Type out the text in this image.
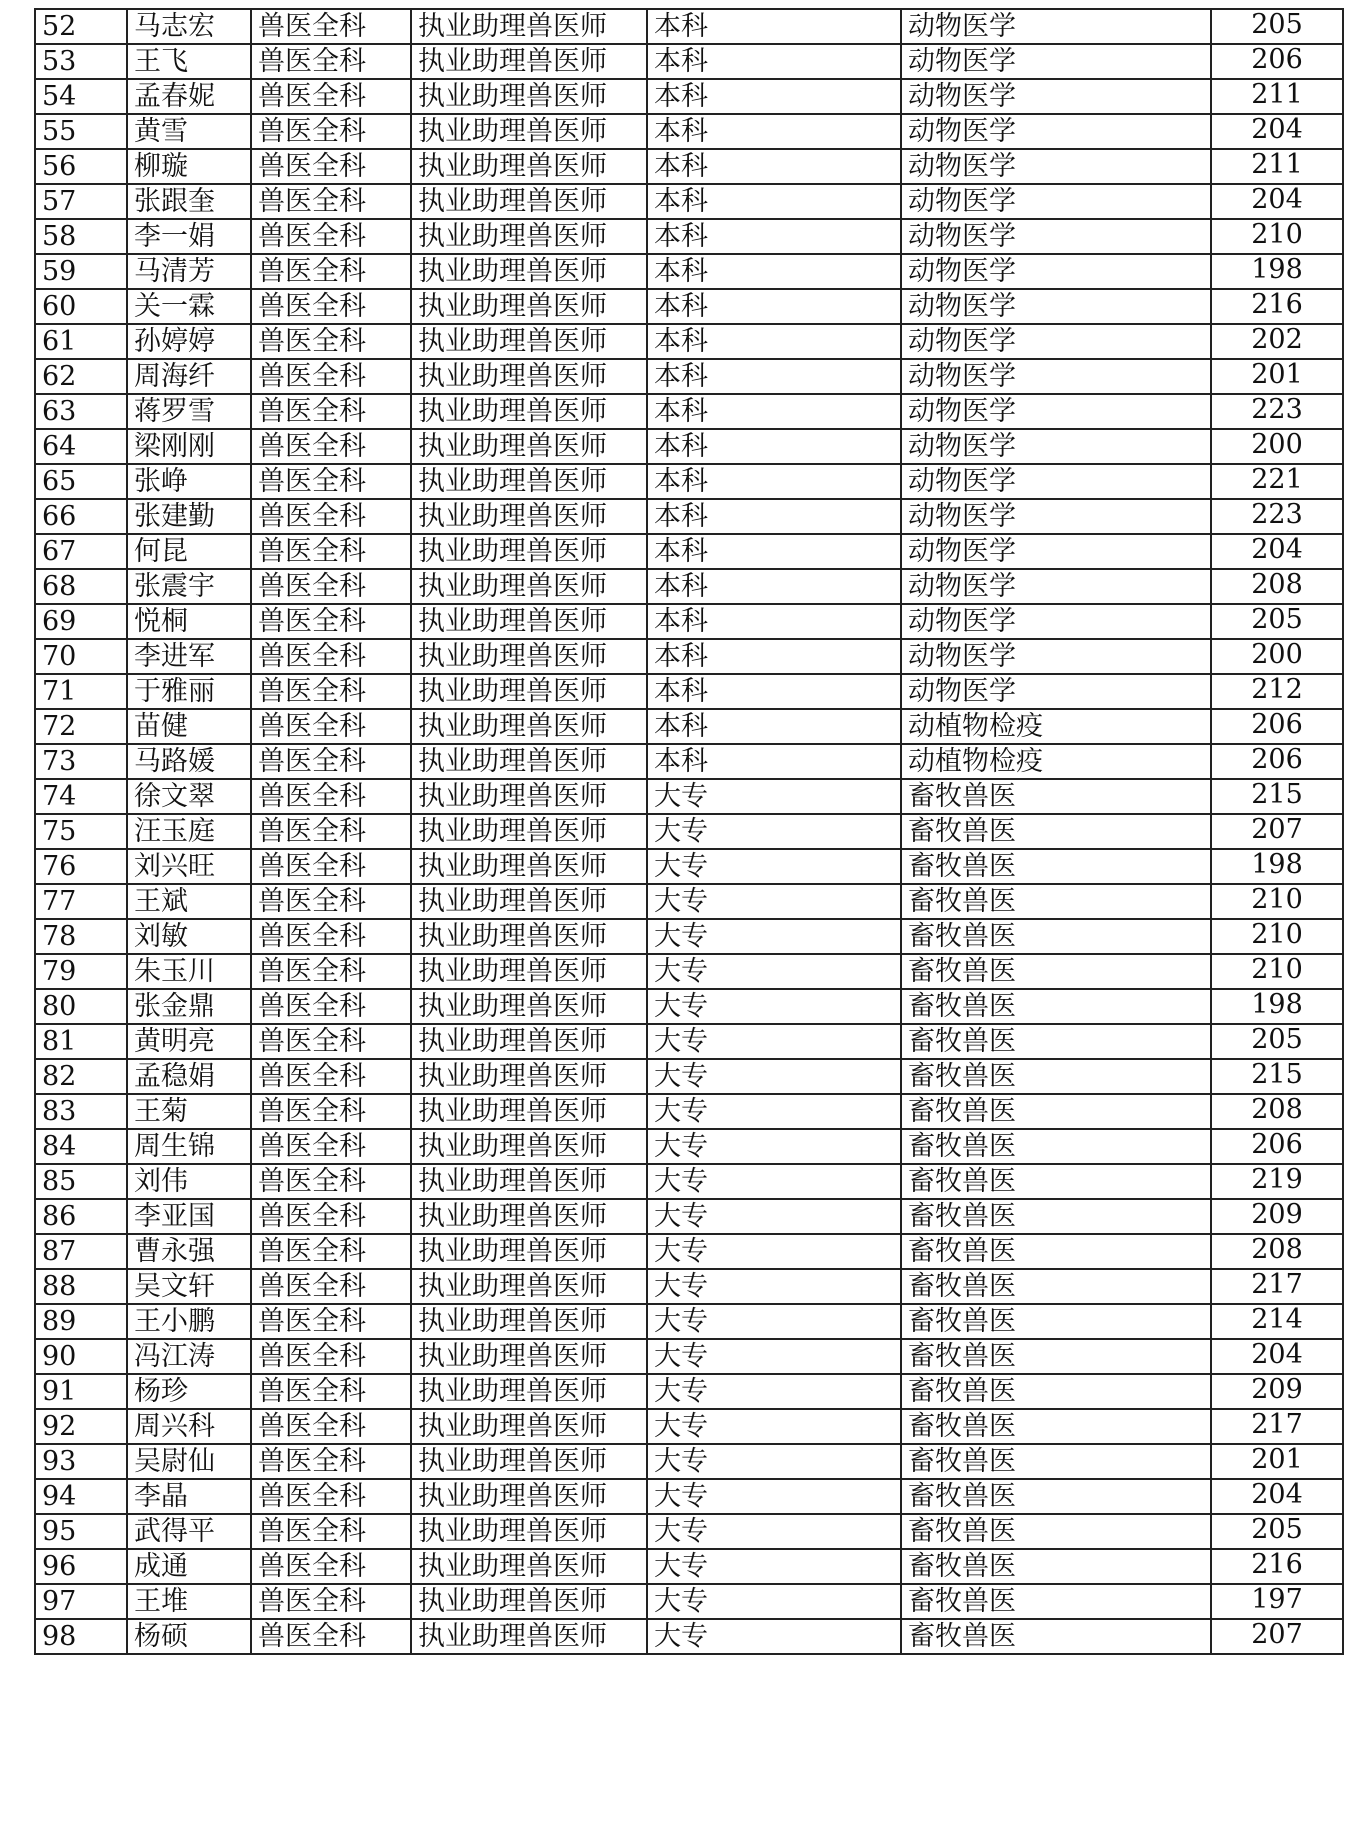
52	马志宏	兽医全科	执业助理兽医师	本科	动物医学	205
53	王飞	兽医全科	执业助理兽医师	本科	动物医学	206
54	孟春妮	兽医全科	执业助理兽医师	本科	动物医学	211
55	黄雪	兽医全科	执业助理兽医师	本科	动物医学	204
56	柳璇	兽医全科	执业助理兽医师	本科	动物医学	211
57	张跟奎	兽医全科	执业助理兽医师	本科	动物医学	204
58	李一娟	兽医全科	执业助理兽医师	本科	动物医学	210
59	马清芳	兽医全科	执业助理兽医师	本科	动物医学	198
60	关一霖	兽医全科	执业助理兽医师	本科	动物医学	216
61	孙婷婷	兽医全科	执业助理兽医师	本科	动物医学	202
62	周海纤	兽医全科	执业助理兽医师	本科	动物医学	201
63	蒋罗雪	兽医全科	执业助理兽医师	本科	动物医学	223
64	梁刚刚	兽医全科	执业助理兽医师	本科	动物医学	200
65	张峥	兽医全科	执业助理兽医师	本科	动物医学	221
66	张建勤	兽医全科	执业助理兽医师	本科	动物医学	223
67	何昆	兽医全科	执业助理兽医师	本科	动物医学	204
68	张震宇	兽医全科	执业助理兽医师	本科	动物医学	208
69	悦桐	兽医全科	执业助理兽医师	本科	动物医学	205
70	李进军	兽医全科	执业助理兽医师	本科	动物医学	200
71	于雅丽	兽医全科	执业助理兽医师	本科	动物医学	212
72	苗健	兽医全科	执业助理兽医师	本科	动植物检疫	206
73	马路媛	兽医全科	执业助理兽医师	本科	动植物检疫	206
74	徐文翠	兽医全科	执业助理兽医师	大专	畜牧兽医	215
75	汪玉庭	兽医全科	执业助理兽医师	大专	畜牧兽医	207
76	刘兴旺	兽医全科	执业助理兽医师	大专	畜牧兽医	198
77	王斌	兽医全科	执业助理兽医师	大专	畜牧兽医	210
78	刘敏	兽医全科	执业助理兽医师	大专	畜牧兽医	210
79	朱玉川	兽医全科	执业助理兽医师	大专	畜牧兽医	210
80	张金鼎	兽医全科	执业助理兽医师	大专	畜牧兽医	198
81	黄明亮	兽医全科	执业助理兽医师	大专	畜牧兽医	205
82	孟稳娟	兽医全科	执业助理兽医师	大专	畜牧兽医	215
83	王菊	兽医全科	执业助理兽医师	大专	畜牧兽医	208
84	周生锦	兽医全科	执业助理兽医师	大专	畜牧兽医	206
85	刘伟	兽医全科	执业助理兽医师	大专	畜牧兽医	219
86	李亚国	兽医全科	执业助理兽医师	大专	畜牧兽医	209
87	曹永强	兽医全科	执业助理兽医师	大专	畜牧兽医	208
88	吴文轩	兽医全科	执业助理兽医师	大专	畜牧兽医	217
89	王小鹏	兽医全科	执业助理兽医师	大专	畜牧兽医	214
90	冯江涛	兽医全科	执业助理兽医师	大专	畜牧兽医	204
91	杨珍	兽医全科	执业助理兽医师	大专	畜牧兽医	209
92	周兴科	兽医全科	执业助理兽医师	大专	畜牧兽医	217
93	吴尉仙	兽医全科	执业助理兽医师	大专	畜牧兽医	201
94	李晶	兽医全科	执业助理兽医师	大专	畜牧兽医	204
95	武得平	兽医全科	执业助理兽医师	大专	畜牧兽医	205
96	成通	兽医全科	执业助理兽医师	大专	畜牧兽医	216
97	王堆	兽医全科	执业助理兽医师	大专	畜牧兽医	197
98	杨硕	兽医全科	执业助理兽医师	大专	畜牧兽医	207
